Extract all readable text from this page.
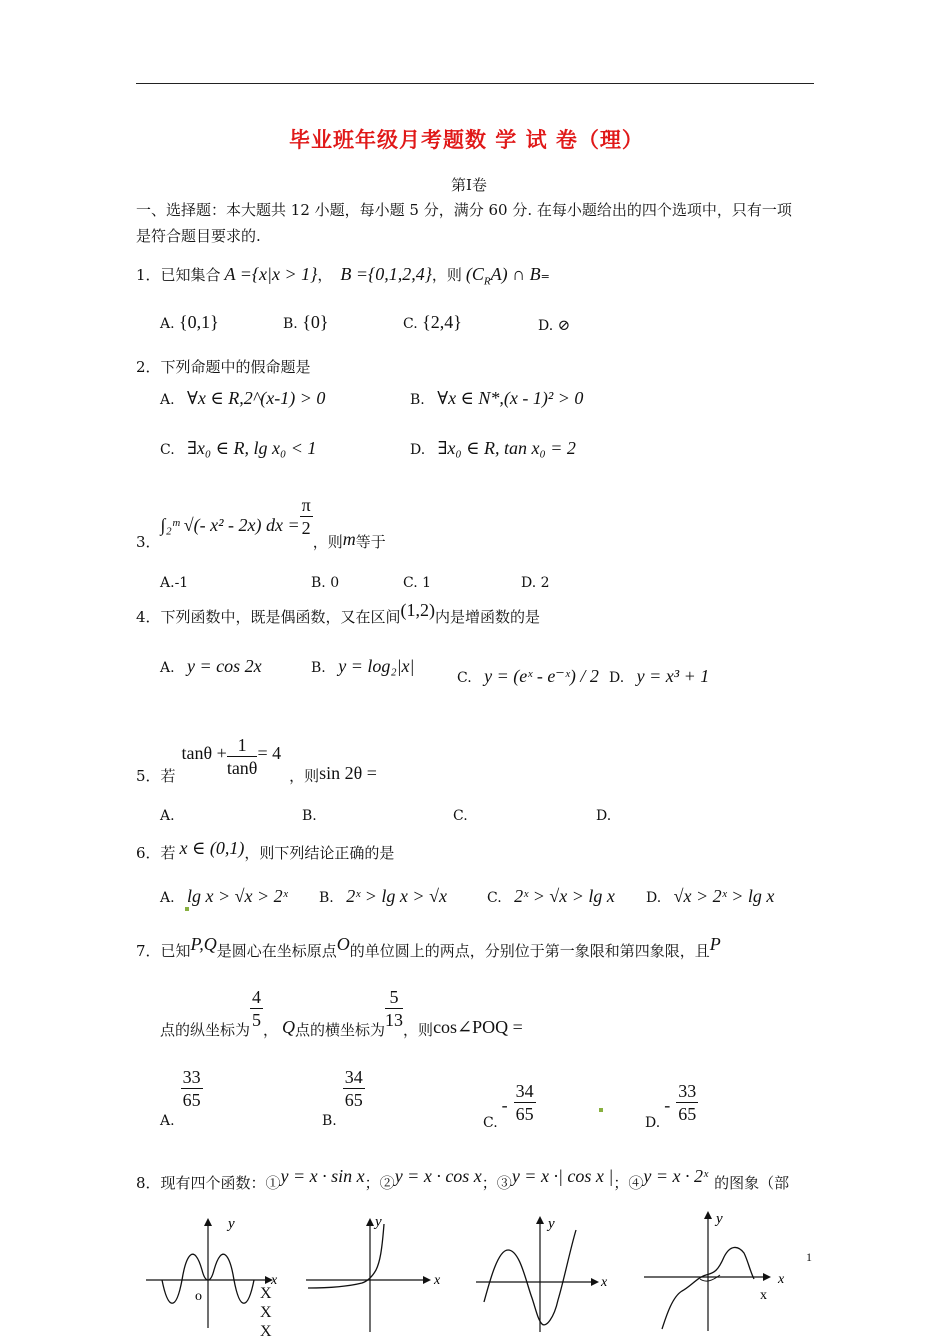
毕业班年级月考题数 学 试 卷（理）
第Ⅰ卷
一、选择题：本大题共 12 小题，每小题 5 分，满分 60 分. 在每小题给出的四个选项中，只有一项
是符合题目要求的.
1．已知集合 A ={x|x > 1}， B ={0,1,2,4}，则 $(C_RA)$ ∩ B=
A. {0,1}	B. {0}	C. {2,4}	D. ⊘
2．下列命题中的假命题是
A. ∀x ∈ R,2^(x-1) > 0	B. ∀x ∈ N*,(x - 1)² > 0
C. ∃x₀ ∈ R, lg x₀ < 1	D. ∃x₀ ∈ R, tan x₀ = 2
3．∫₂ᵐ √(- x² - 2x) dx = $\frac{\pi}{2}$
，则m等于
A.-1	B. 0	C. 1	D. 2
4．下列函数中，既是偶函数，又在区间(1,2)内是增函数的是
A. y = cos 2x	B. y = log₂|x|
C. y = (eˣ - e⁻ˣ) / 2 D. y = x³ + 1
5．若$\tan\theta + \frac{1}{\tan\theta} = 4$，则sin 2θ =
A.	B.	C.	D.
6．若 x ∈ (0,1)，则下列结论正确的是
A. lg x > √x > 2ˣ B. 2ˣ > lg x > √x	C. 2ˣ > √x > lg x D. √x > 2ˣ > lg x
7．已知P,Q是圆心在坐标原点O的单位圆上的两点，分别位于第一象限和第四象限，且P
点的纵坐标为 $\frac{4}{5}$ ， Q点的横坐标为 $\frac{5}{13}$ ，则cos∠POQ =
A.
$\frac{33}{65}$
B.
$\frac{34}{65}$
$C.- \frac{34}{65}$	$D.- \frac{33}{65}$
8．现有四个函数：①y = x · sin x；②y = x · cos x；③y = x ·| cos x |；④y = x · 2ˣ 的图象（部
y
x
o	X
X
X
y
x
y
x
y
x
x
1
